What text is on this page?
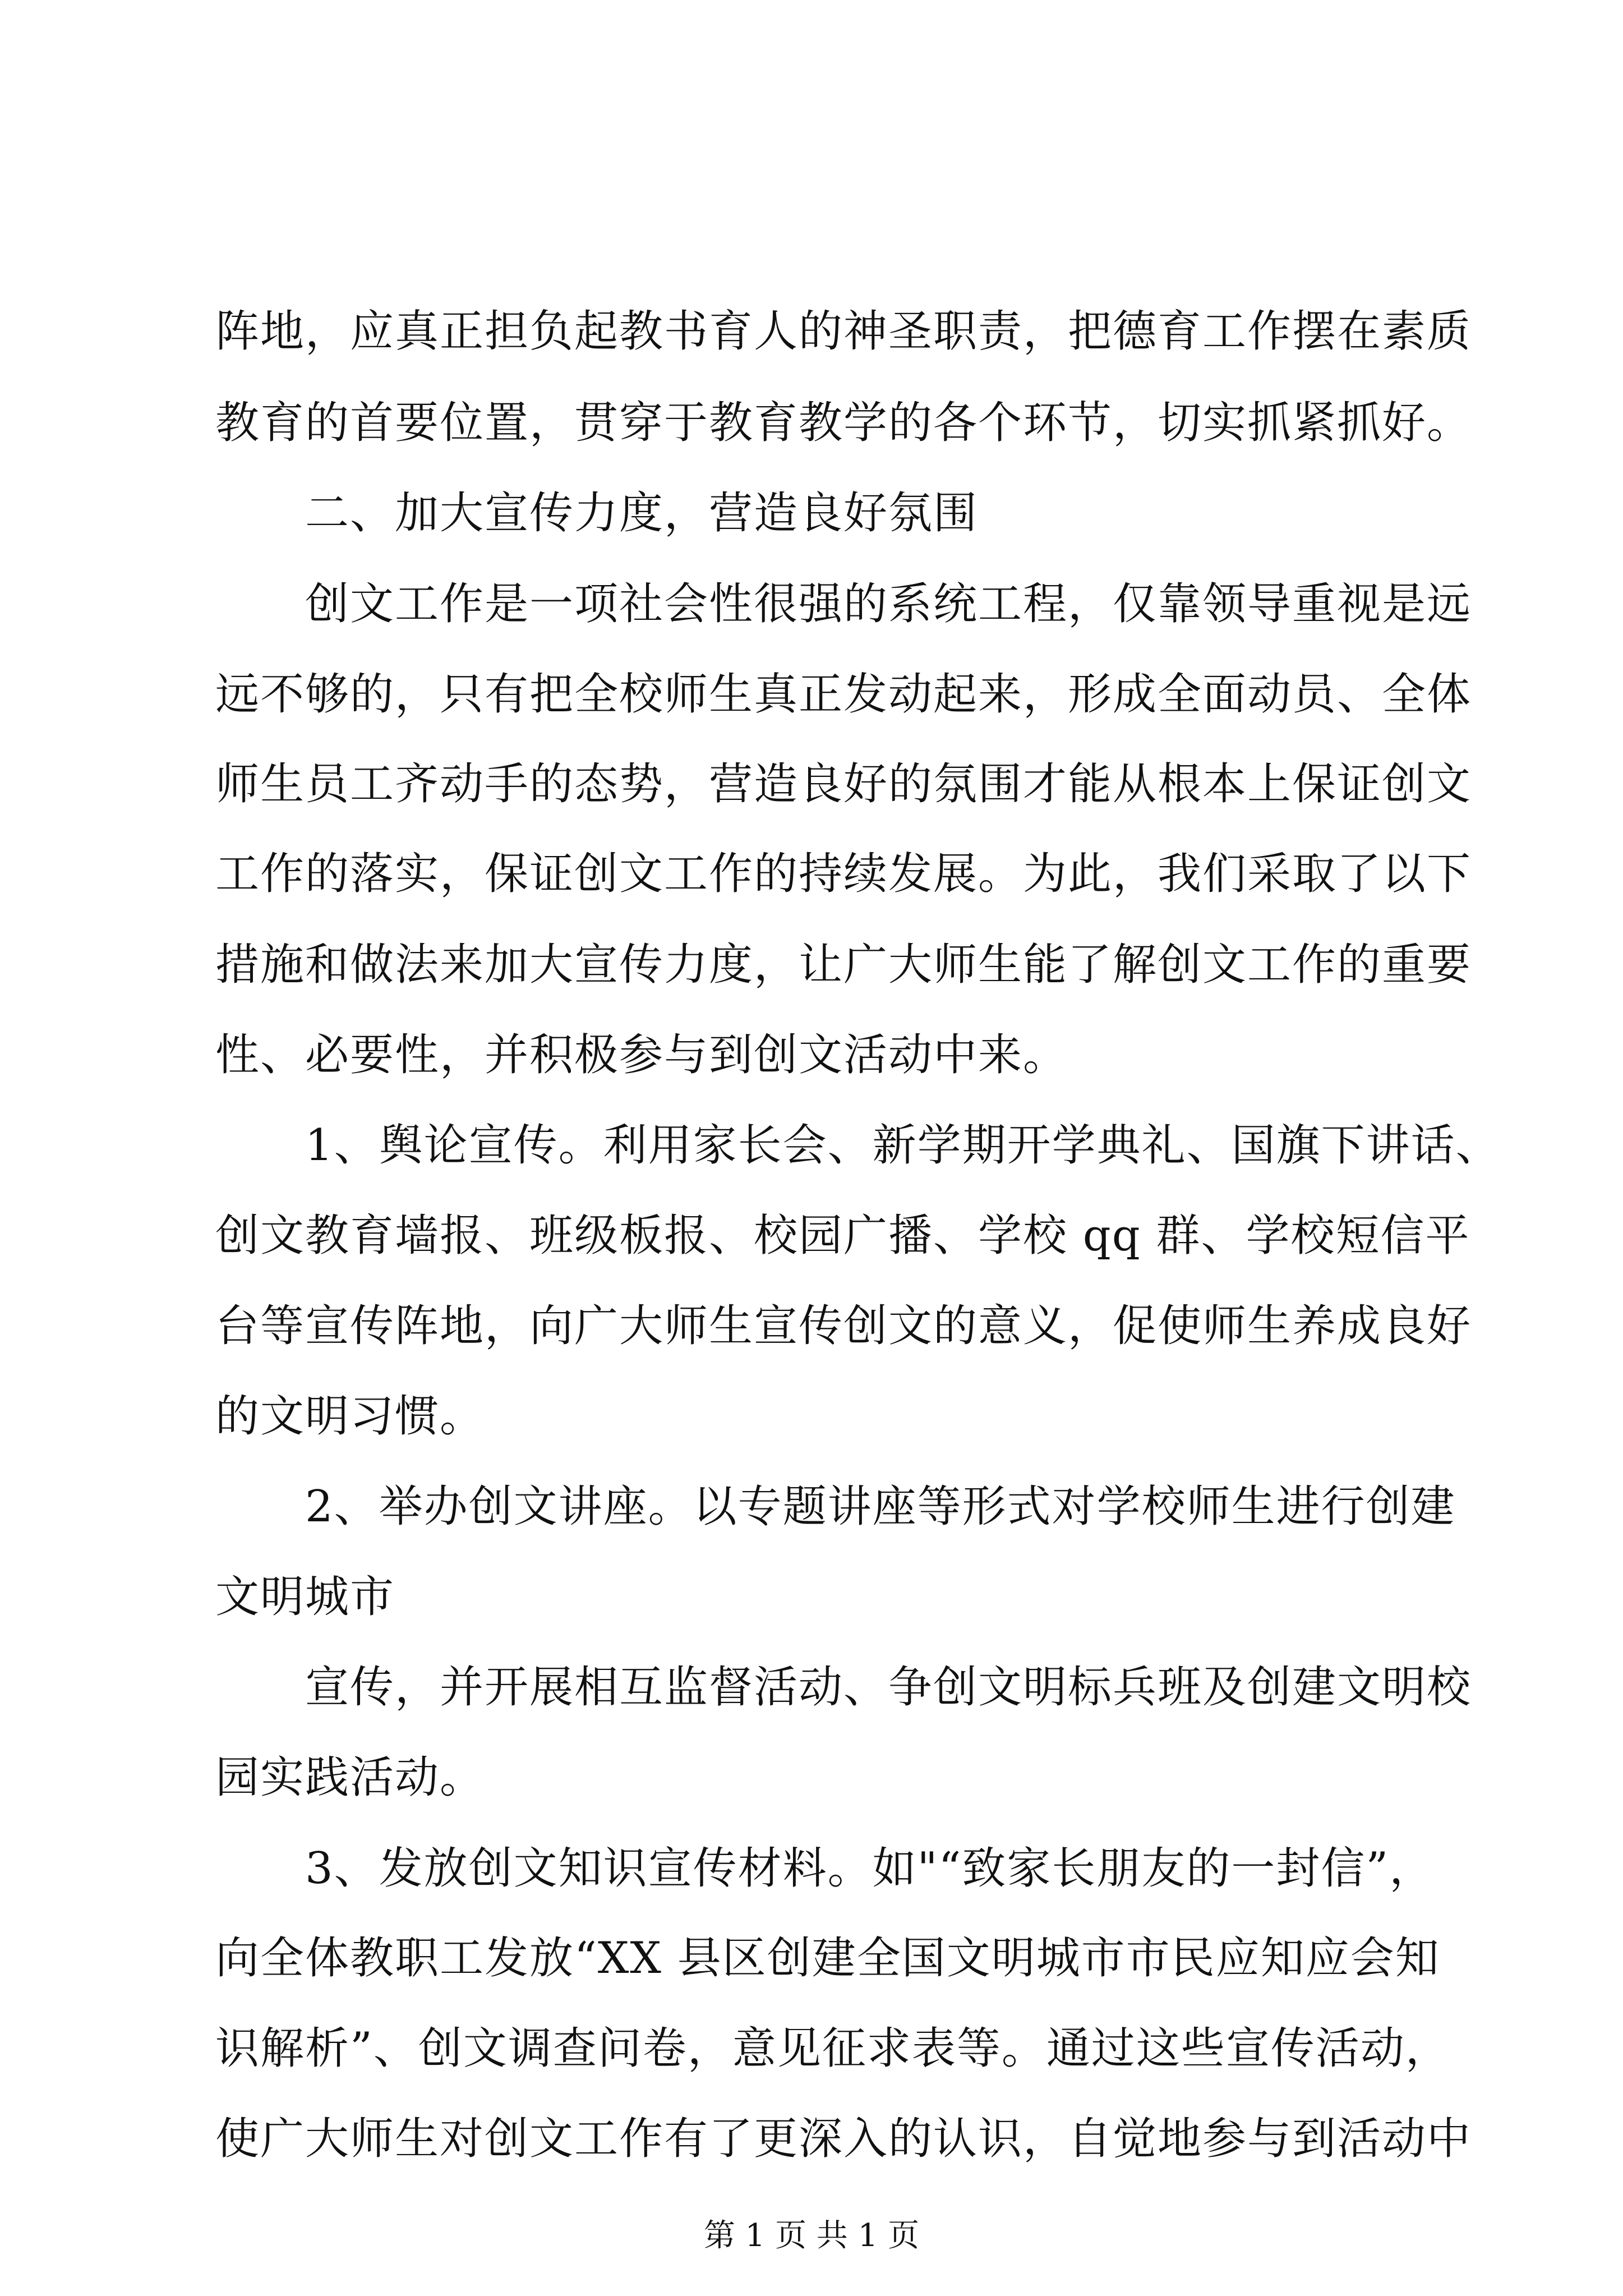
阵地，应真正担负起教书育人的神圣职责，把德育工作摆在素质
教育的首要位置，贯穿于教育教学的各个环节，切实抓紧抓好。
二、加大宣传力度，营造良好氛围
创文工作是一项社会性很强的系统工程，仅靠领导重视是远
远不够的，只有把全校师生真正发动起来，形成全面动员、全体
师生员工齐动手的态势，营造良好的氛围才能从根本上保证创文
工作的落实，保证创文工作的持续发展。为此，我们采取了以下
措施和做法来加大宣传力度，让广大师生能了解创文工作的重要
性、必要性，并积极参与到创文活动中来。
1、舆论宣传。利用家长会、新学期开学典礼、国旗下讲话、
创文教育墙报、班级板报、校园广播、学校 qq 群、学校短信平
台等宣传阵地，向广大师生宣传创文的意义，促使师生养成良好
的文明习惯。
2、举办创文讲座。以专题讲座等形式对学校师生进行创建
文明城市
宣传，并开展相互监督活动、争创文明标兵班及创建文明校
园实践活动。
3、发放创文知识宣传材料。如"“致家长朋友的一封信”，
向全体教职工发放“XX 县区创建全国文明城市市民应知应会知
识解析”、创文调查问卷，意见征求表等。通过这些宣传活动，
使广大师生对创文工作有了更深入的认识，自觉地参与到活动中
第 1 页 共 1 页
